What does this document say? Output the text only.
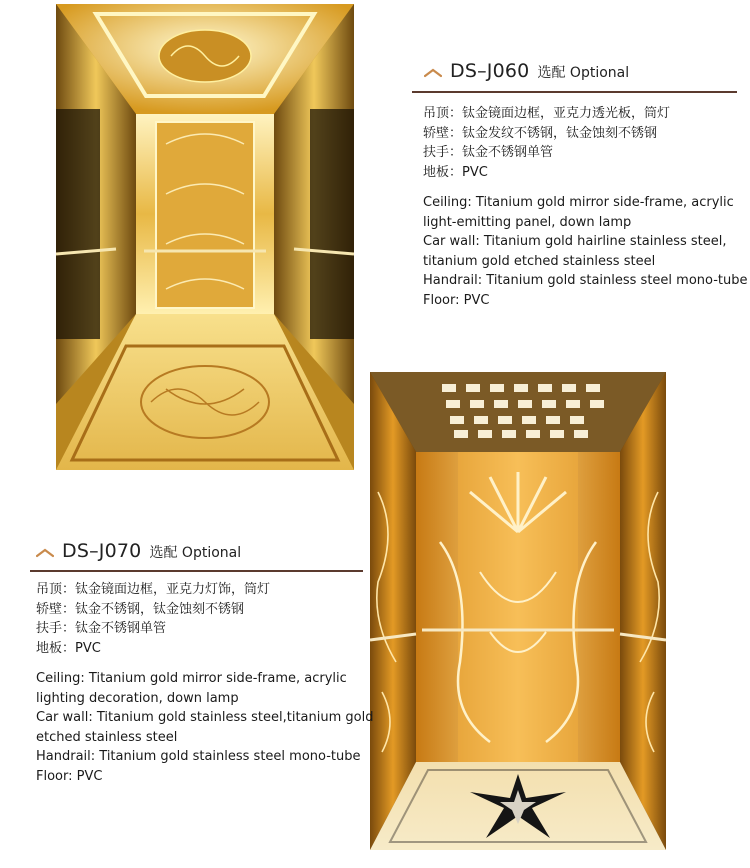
DS–J060 选配 Optional
吊顶：钛金镜面边框，亚克力透光板，筒灯
轿壁：钛金发纹不锈钢，钛金蚀刻不锈钢
扶手：钛金不锈钢单管
地板：PVC
Ceiling: Titanium gold mirror side-frame, acrylic
light-emitting panel, down lamp
Car wall: Titanium gold hairline stainless steel,
titanium gold etched stainless steel
Handrail: Titanium gold stainless steel mono-tube
Floor: PVC
DS–J070 选配 Optional
吊顶：钛金镜面边框，亚克力灯饰，筒灯
轿壁：钛金不锈钢，钛金蚀刻不锈钢
扶手：钛金不锈钢单管
地板：PVC
Ceiling: Titanium gold mirror side-frame, acrylic
lighting decoration, down lamp
Car wall: Titanium gold stainless steel,titanium gold
etched stainless steel
Handrail: Titanium gold stainless steel mono-tube
Floor: PVC
